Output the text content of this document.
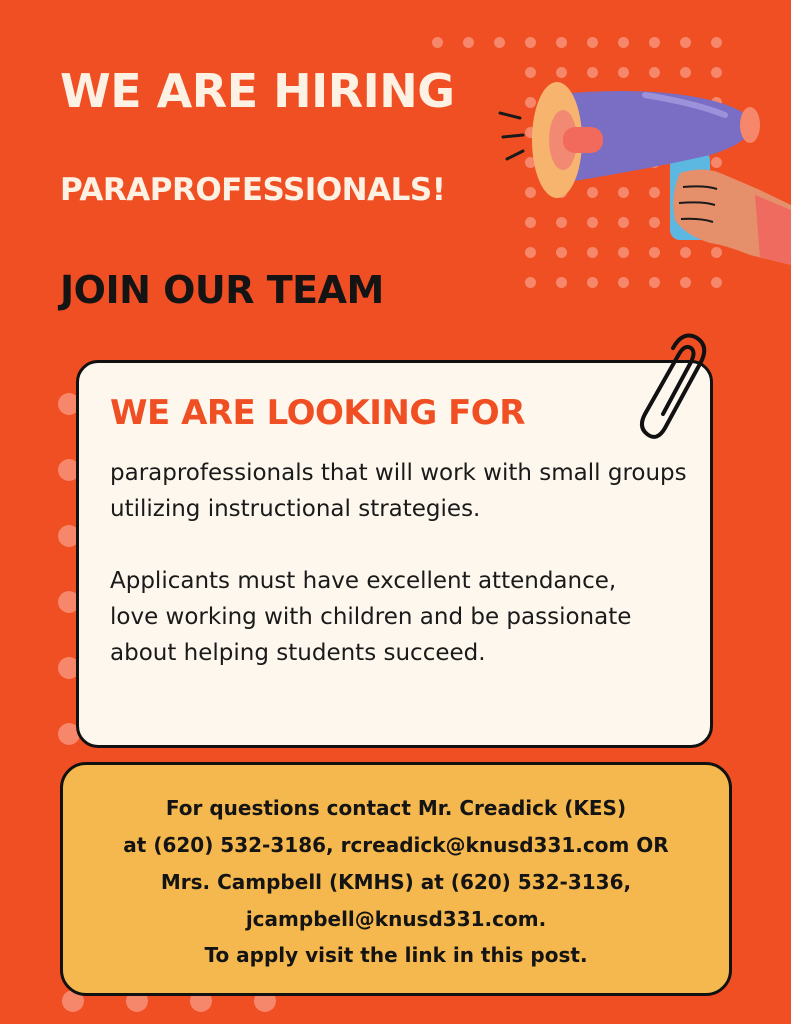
WE ARE HIRING
PARAPROFESSIONALS!
JOIN OUR TEAM
WE ARE LOOKING FOR

paraprofessionals that will work with small groups utilizing instructional strategies.

Applicants must have excellent attendance, love working with children and be passionate about helping students succeed.

For questions contact Mr. Creadick (KES)

at (620) 532-3186, rcreadick@knusd331.com OR

Mrs. Campbell (KMHS) at (620) 532-3136,

jcampbell@knusd331.com.

To apply visit the link in this post.
